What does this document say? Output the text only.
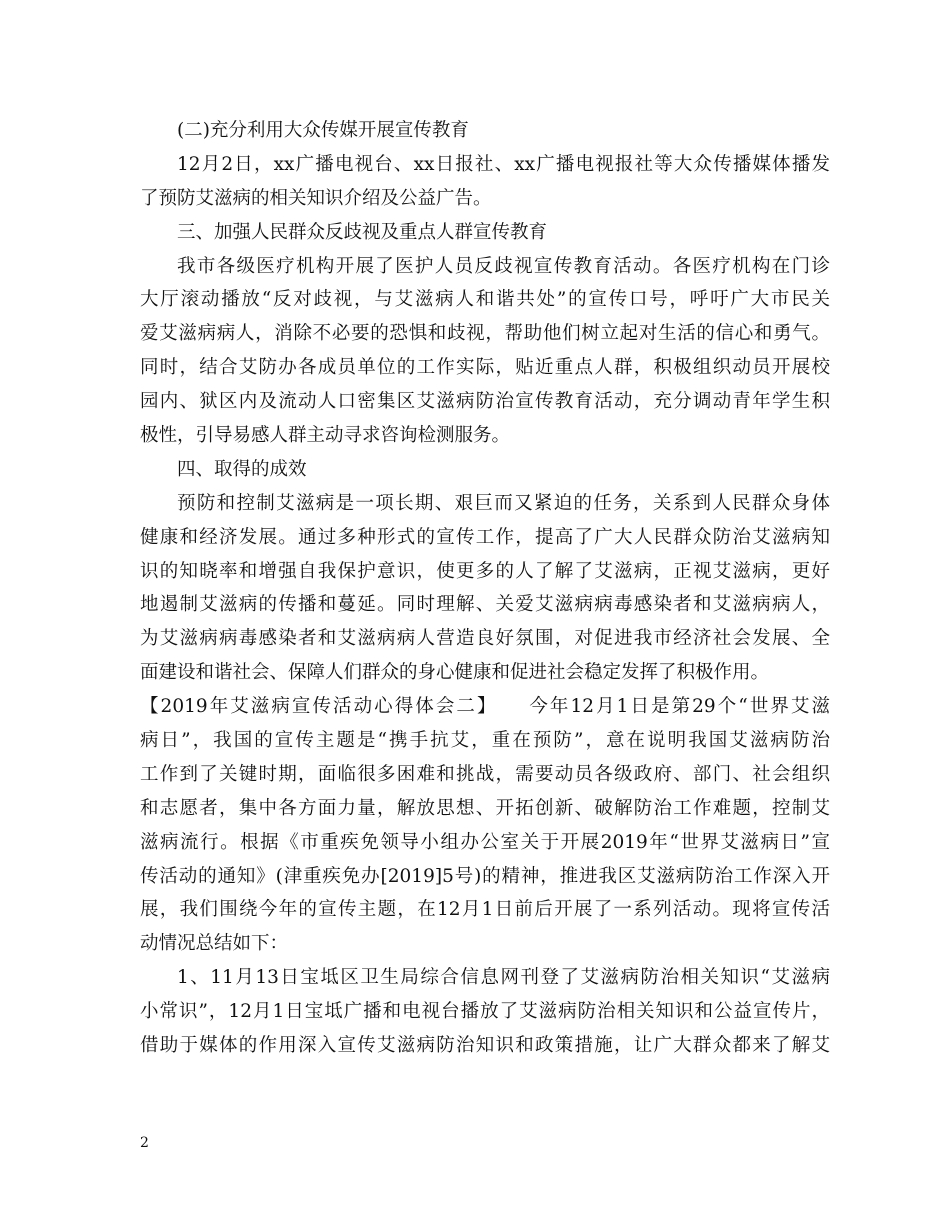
(二)充分利用大众传媒开展宣传教育
12月2日，xx广播电视台、xx日报社、xx广播电视报社等大众传播媒体播发
了预防艾滋病的相关知识介绍及公益广告。
三、加强人民群众反歧视及重点人群宣传教育
我市各级医疗机构开展了医护人员反歧视宣传教育活动。各医疗机构在门诊
大厅滚动播放“反对歧视，与艾滋病人和谐共处”的宣传口号，呼吁广大市民关
爱艾滋病病人，消除不必要的恐惧和歧视，帮助他们树立起对生活的信心和勇气。
同时，结合艾防办各成员单位的工作实际，贴近重点人群，积极组织动员开展校
园内、狱区内及流动人口密集区艾滋病防治宣传教育活动，充分调动青年学生积
极性，引导易感人群主动寻求咨询检测服务。
四、取得的成效
预防和控制艾滋病是一项长期、艰巨而又紧迫的任务，关系到人民群众身体
健康和经济发展。通过多种形式的宣传工作，提高了广大人民群众防治艾滋病知
识的知晓率和增强自我保护意识，使更多的人了解了艾滋病，正视艾滋病，更好
地遏制艾滋病的传播和蔓延。同时理解、关爱艾滋病病毒感染者和艾滋病病人，
为艾滋病病毒感染者和艾滋病病人营造良好氛围，对促进我市经济社会发展、全
面建设和谐社会、保障人们群众的身心健康和促进社会稳定发挥了积极作用。
【2019年艾滋病宣传活动心得体会二】　　今年12月1日是第29个“世界艾滋
病日”，我国的宣传主题是“携手抗艾，重在预防”，意在说明我国艾滋病防治
工作到了关键时期，面临很多困难和挑战，需要动员各级政府、部门、社会组织
和志愿者，集中各方面力量，解放思想、开拓创新、破解防治工作难题，控制艾
滋病流行。根据《市重疾免领导小组办公室关于开展2019年“世界艾滋病日”宣
传活动的通知》(津重疾免办[2019]5号)的精神，推进我区艾滋病防治工作深入开
展，我们围绕今年的宣传主题，在12月1日前后开展了一系列活动。现将宣传活
动情况总结如下：
1、11月13日宝坻区卫生局综合信息网刊登了艾滋病防治相关知识“艾滋病
小常识”，12月1日宝坻广播和电视台播放了艾滋病防治相关知识和公益宣传片，
借助于媒体的作用深入宣传艾滋病防治知识和政策措施，让广大群众都来了解艾
2
